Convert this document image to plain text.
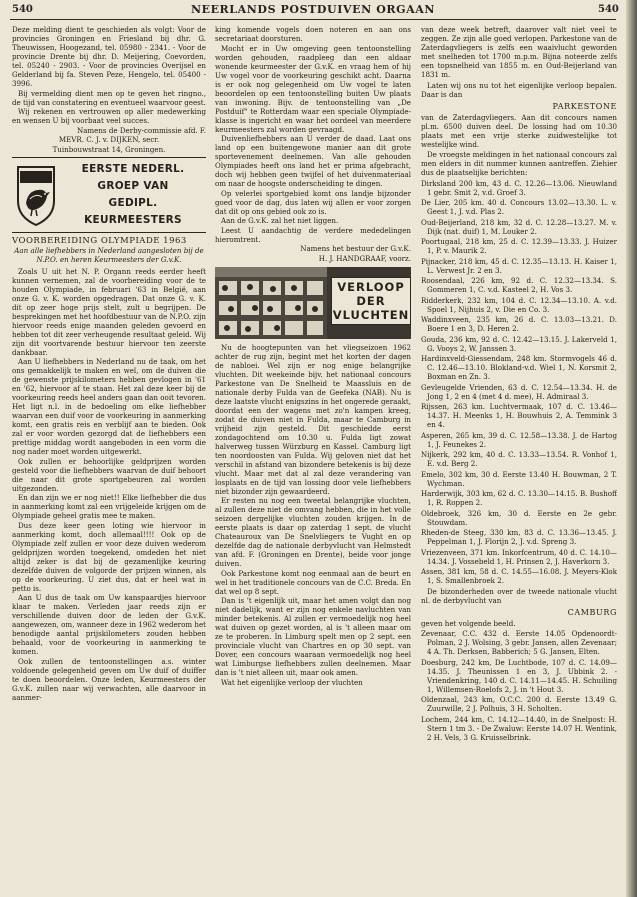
540	NEERLANDS POSTDUIVEN ORGAAN	540

Deze melding dient te geschieden als volgt: Voor de provincies Groningen en Friesland bij dhr. G. Theuwissen, Hoogezand, tel. 05980 - 2341. - Voor de provincie Drente bij dhr. D. Meijering, Coevorden, tel. 05240 - 2903. - Voor de provincies Overijsel en Gelderland bij fa. Steven Peze, Hengelo, tel. 05400 - 3996.

Bij vermelding dient men op te geven het ringno., de tijd van constatering en eventueel waarvoor geest.

Wij rekenen en vertrouwen op aller medewerking en wensen U bij voorbaat veel succes.

Namens de Derby-commissie afd. F.

MEVR. C. J. v. DIJKEN, secr.

Tuinbouwstraat 14, Groningen.

EERSTE NEDERL.
GROEP VAN
GEDIPL. KEURMEESTERS

VOORBEREIDING OLYMPIADE 1963

Aan alle liefhebbers in Nederland aangesloten bij de N.P.O. en heren Keurmeesters der G.v.K.

Zoals U uit het N. P. Organn reeds eerder heeft kunnen vernemen, zal de voorbereiding voor de te houden Olympiade, in februari '63 in België, aan onze G. v. K. worden opgedragen. Dat onze G. v. K. dit op zeer hoge prijs stelt, zult u begrijpen. De besprekingen met het hoofdbestuur van de N.P.O. zijn hiervoor reeds enige maanden geleden gevoerd en hebben tot dit zeer verheugende resultaat geleid. Wij zijn dit voortvarende bestuur hiervoor ten zeerste dankbaar.

Aan U liefhebbers in Nederland nu de taak, om het ons gemakkelijk te maken en wel, om de duiven die de gewenste prijskilometers hebben gevlogen in '61 en '62, hiervoor af te staan. Het zal deze keer bij de voorkeuring reeds heel anders gaan dan ooit tevoren. Het ligt n.l. in de bedoeling om elke liefhebber waarvan een duif voor de voorkeuring in aanmerking komt, een gratis reis en verblijf aan te bieden. Ook zal er voor worden gezorgd dat de liefhebbers een prettige middag wordt aangeboden in een vorm die nog nader moet worden uitgewerkt.

Ook zullen er behoorlijke geldprijzen worden gesteld voor die liefhebbers waarvan de duif behoort die naar dit grote sportgebeuren zal worden uitgezonden.

En dan zijn we er nog niet!! Elke liefhebber die dus in aanmerking komt zal een vrijgeleide krijgen om de Olympiade geheel gratis mee te maken.

Dus deze keer geen loting wie hiervoor in aanmerking komt, doch allemaal!!!! Ook op de Olympiade zelf zullen er voor deze duiven wederom geldprijzen worden toegekend, omdeden het niet altijd zeker is dat bij de gezamenlijke keuring dezelfde duiven de volgorde der prijzen winnen, als op de voorkeuring. U ziet dus, dat er heel wat in petto is.

Aan U dus de taak om Uw kanspaardjes hiervoor klaar te maken. Verleden jaar reeds zijn er verschillende duiven door de leden der G.v.K. aangewezen, om, wanneer deze in 1962 wederom het benodigde aantal prijskilometers zouden hebben behaald, voor de voorkeuring in aanmerking te komen.

Ook zullen de tentoonstellingen a.s. winter voldoende gelegenheid geven om Uw duif of duiffer te doen beoordelen. Onze leden, Keurmeesters der G.v.K. zullen naar wij verwachten, alle daarvoor in aanmer-

king komende vogels doen noteren en aan ons secretariaat doorsturen.

Mocht er in Uw omgeving geen tentoonstelling worden gehouden, raadpleeg dan een aldaar wonende keurmeester der G.v.K. en vraag hem of hij Uw vogel voor de voorkeuring geschikt acht. Daarna is er ook nog gelegenheid om Uw vogel te laten beoordelen op een tentoonstelling buiten Uw plaats van inwoning. Bijv. de tentoonstelling van „De Postduif" te Rotterdam waar een speciale Olympiade-klasse is ingericht en waar het oordeel van meerdere keurmeesters zal worden gevraagd.

Duivenliefhebbers aan U verder de daad. Laat ons land op een buitengewone manier aan dit grote sportevenement deelnemen. Van alle gehouden Olympiades heeft ons land het er prima afgebracht, doch wij hebben geen twijfel of het duivenmateriaal om naar de hoogste onderscheiding te dingen.

Op velerlei sportgebied komt ons landje bijzonder goed voor de dag, dus laten wij allen er voor zorgen dat dit op ons gebied ook zo is.

Aan de G.v.K. zal het niet liggen.

Leest U aandachtig de verdere mededelingen hieromtrent.

Namens het bestuur der G.v.K.

H. J. HANDGRAAF, voorz.

VERLOOP DER
VLUCHTEN

Nu de hoogtepunten van het vliegseizoen 1962 achter de rug zijn, begint met het korten der dagen de nabloei. Wel zijn er nog enige belangrijke vluchten. Dit weekeinde bijv. het nationaal concours Parkestone van De Snelheid te Maassluis en de nationale derby Fulda van de Geefeka (NAB). Nu is deze laatste vlucht enigszins in het ongerede geraakt, doordat een der wagens met zo'n kampen kreeg, zodat de duiven niet in Fulda, maar te Camburg in vrijheid zijn gesteld. Dit geschiedde eerst zondagochtend om 10.30 u. Fulda ligt zowat halverweg tussen Würzburg en Kassel. Camburg ligt ten noordoosten van Fulda. Wij geloven niet dat het verschil in afstand van bizondere betekenis is bij deze vlucht. Maar met dat al zal deze verandering van losplaats en de tijd van lossing door vele liefhebbers niet bizonder zijn gewaardeerd.

Er resten nu nog een tweetal belangrijke vluchten, al zullen deze niet de omvang hebben, die in het volle seizoen dergelijke vluchten zouden krijgen. In de eerste plaats is daar op zaterdag 1 sept. de vlucht Chateauroux van De Snelvliegers te Vught en op dezelfde dag de nationale derbyvlucht van Helmstedt van afd. F. (Groningen en Drente), beide voor jonge duiven.

Ook Parkestone komt nog eenmaal aan de beurt en wel in het traditionele concours van de C.C. Breda. En dat wel op 8 sept.

Dan is 't eigenlijk uit, maar het amen volgt dan nog niet dadelijk, want er zijn nog enkele navluchten van minder betekenis. Al zullen er vermoedelijk nog heel wat duiven op gezet worden, al is 't alleen maar om ze te proberen. In Limburg spelt men op 2 sept. een provinciale vlucht van Chartres en op 30 sept. van Dover, een concours waaraan vermoedelijk nog heel wat Limburgse liefhebbers zullen deelnemen. Maar dan is 't niet alleen uit, maar ook amen.

Wat het eigenlijke verloop der vluchten

van deze week betreft, daarover valt niet veel te zeggen. Ze zijn alle goed verlopen. Parkestone van de Zaterdagvliegers is zelfs een waaivlucht geworden met snelheden tot 1700 m.p.m. Bijna noteerde zelfs een topsnelheid van 1855 m. en Oud-Beijerland van 1831 m.

Laten wij ons nu tot het eigenlijke verloop bepalen. Daar is dan

PARKESTONE

van de Zaterdagvliegers. Aan dit concours namen pl.m. 6500 duiven deel. De lossing had om 10.30 plaats met een vrije sterke zuidwestelijke tot westelijke wind.

De vroegste meldingen in het nationaal concours zal men elders in dit nummer kunnen aantreffen. Ziehier dus de plaatselijke berichten:

Dirksland 200 km, 43 d. C. 12.26—13.06. Nieuwland 1 gebr. Smit 2, v.d. Groef 3.

De Lier, 205 km. 40 d. Concours 13.02—13.30. L. v. Geest 1, J. v.d. Plas 2.

Oud-Beijerland, 218 km, 32 d. C. 12.28—13.27. M. v. Dijk (nat. duif) 1, M. Louker 2.

Poortugaal, 218 km, 25 d. C. 12.39—13.33. J. Huizer 1, P. v. Maurik 2.

Pijnacker, 218 km, 45 d. C. 12.35—13.13. H. Kaiser 1, L. Verwest Jr. 2 en 3.

Roosendaal, 226 km, 92 d. C. 12.32—13.34. S. Gommeren 1, C. v.d. Kasteel 2, H. Vos 3.

Ridderkerk, 232 km, 104 d. C. 12.34—13.10. A. v.d. Spoel 1, Nijhuis 2, v. Die en Co. 3.

Waddinxveen, 235 km, 26 d. C. 13.03—13.21. D. Boere 1 en 3, D. Heren 2.

Gouda, 236 km, 92 d. C. 12.42—13.15. J. Lakerveld 1, G. Vooys 2, W. Janssen 3.

Hardinxveld-Giessendam, 248 km. Stormvogels 46 d. C. 12.46—13.10. Blokland-v.d. Wiel 1, N. Korsmit 2, Boxman en Zn. 3.

Gevleugelde Vrienden, 63 d. C. 12.54—13.34. H. de Jong 1, 2 en 4 (met 4 d. mee), H. Admiraal 3.

Rijssen, 263 km. Luchtvermaak, 107 d. C. 13.46—14.37. H. Meenks 1, H. Bouwhuis 2, A. Temmink 3 en 4.

Asperen, 265 km, 39 d. C. 12.58—13.38. J. de Hartog 1, J. Feunekes 2.

Nijkerk, 292 km, 40 d. C. 13.33—13.54. R. Vonhof 1, E. v.d. Berg 2.

Emelo, 302 km, 30 d. Eerste 13.40 H. Bouwman, 2 T. Wychman.

Harderwijk, 303 km, 62 d. C. 13.30—14.15. B. Bushoff 1, R. Roppen 2.

Oldebroek, 326 km, 30 d. Eerste en 2e gebr. Stouwdam.

Rheden-de Steeg, 330 km, 83 d. C. 13.36—13.45. J. Peppelman 1, J. Florijn 2, J. v.d. Spreng 3.

Vriezenveen, 371 km. Inkorfcentrum, 40 d. C. 14.10—14.34. J. Vossebeld 1, H. Prinsen 2, J. Haverkorn 3.

Assen, 381 km, 58 d. C. 14.55—16.08. J. Meyers-Klok 1, S. Smallenbroek 2.

De bizonderheden over de tweede nationale vlucht nl. de derbyvlucht van

CAMBURG

geven het volgende beeld.

Zevenaar, C.C. 432 d. Eerste 14.05 Opdenoordt-Polman, 2 J. Wolsing, 3 gebr. Jansen, allen Zevenaar; 4 A. Th. Derksen, Babberich; 5 G. Jansen, Elten.

Doesburg, 242 km, De Luchtbode, 107 d. C. 14.09—14.35. J. Theunissen 1 en 3, J. Ubbink 2. - Vriendenkring, 140 d. C. 14.11—14.45. H. Schuiling 1, Willemsen-Roelofs 2, J. in 't Hout 3.

Oldenzaal, 243 km, O.C.C. 200 d. Eerste 13.49 G. Zuurwille, 2 J. Polhuis, 3 H. Scholten.

Lochem, 244 km, C. 14.12—14.40, in de Snelpost: H. Stern 1 tm 3. - De Zwaluw: Eerste 14.07 H. Wentink, 2 H. Vels, 3 G. Kruisselbrink.
